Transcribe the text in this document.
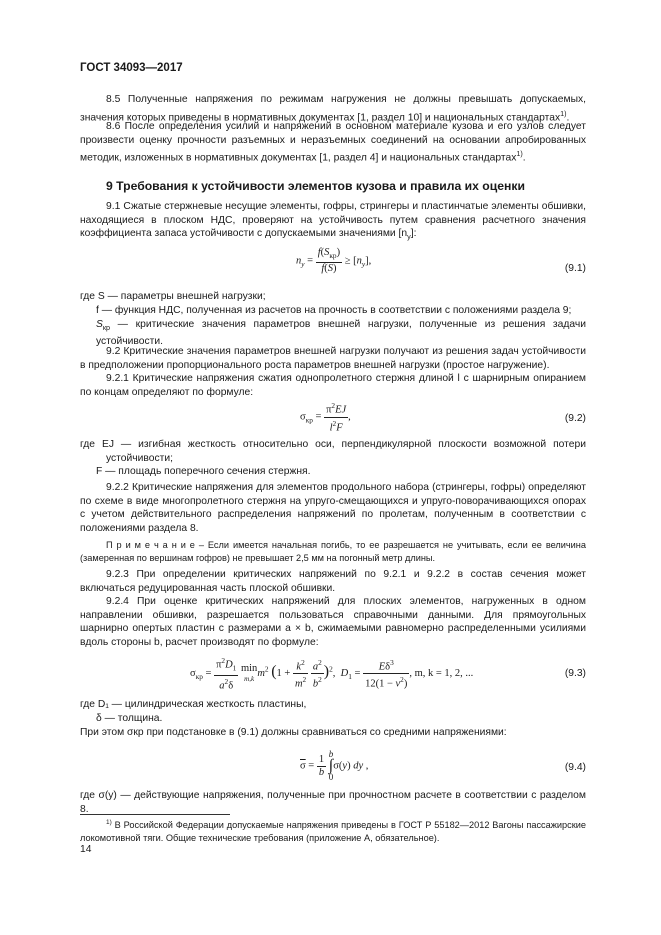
ГОСТ 34093—2017
8.5 Полученные напряжения по режимам нагружения не должны превышать допускаемых, значения которых приведены в нормативных документах [1, раздел 10] и национальных стандартах$^{1)}$.
8.6 После определения усилий и напряжений в основном материале кузова и его узлов следует произвести оценку прочности разъемных и неразъемных соединений на основании апробированных методик, изложенных в нормативных документах [1, раздел 4] и национальных стандартах$^{1)}$.
9 Требования к устойчивости элементов кузова и правила их оценки
9.1 Сжатые стержневые несущие элементы, гофры, стрингеры и пластинчатые элементы обшивки, находящиеся в плоском НДС, проверяют на устойчивость путем сравнения расчетного значения коэффициента запаса устойчивости с допускаемыми значениями $[n_y]$:
$n_y = \frac{f(S_{кр})}{f(S)} \ge [n_y]$,
(9.1)
где S — параметры внешней нагрузки;
f — функция НДС, полученная из расчетов на прочность в соответствии с положениями раздела 9;
$S_{кр}$ — критические значения параметров внешней нагрузки, полученные из решения задачи устойчивости.
9.2 Критические значения параметров внешней нагрузки получают из решения задач устойчивости в предположении пропорционального роста параметров внешней нагрузки (простое нагружение).
9.2.1 Критические напряжения сжатия однопролетного стержня длиной l с шарнирным опиранием по концам определяют по формуле:
$\sigma_{кр} = \frac{\pi^2EJ}{l^2F}$ ,	(9.2)
где EJ — изгибная жесткость относительно оси, перпендикулярной плоскости возможной потери устойчивости;
F — площадь поперечного сечения стержня.
9.2.2 Критические напряжения для элементов продольного набора (стрингеры, гофры) определяют по схеме в виде многопролетного стержня на упруго-смещающихся и упруго-поворачивающихся опорах с учетом действительного распределения напряжений по пролетам, полученным в соответствии с положениями раздела 8.
П р и м е ч а н и е – Если имеется начальная погибь, то ее разрешается не учитывать, если ее величина (замеренная по вершинам гофров) не превышает 2,5 мм на погонный метр длины.
9.2.3 При определении критических напряжений по 9.2.1 и 9.2.2 в состав сечения может включаться редуцированная часть плоской обшивки.
9.2.4 При оценке критических напряжений для плоских элементов, нагруженных в одном направлении обшивки, разрешается пользоваться справочными данными. Для прямоугольных шарнирно опертых пластин с размерами a × b, сжимаемыми равномерно распределенными усилиями вдоль стороны b, расчет производят по формуле:
$\sigma_{кр} = \frac{\pi^2D_1}{a^2\delta}$ min
m,k $m^2$ ($1 + \frac{k^2}{m^2}$
$\frac{a^2}{b^2} )^2$,  $D_1 = \frac{E\delta^3}{12(1 - v^2)}$ , m, k = 1, 2, ...	(9.3)
где D₁ — цилиндрическая жесткость пластины,
δ — толщина.
При этом σкр при подстановке в (9.1) должны сравниваться со средними напряжениями:
$\overline{\sigma} = \frac{1}{b}$ b
∫
0σ(y) dy ,	(9.4)
где σ(y) — действующие напряжения, полученные при прочностном расчете в соответствии с разделом 8.
$^{1)}$ В Российской Федерации допускаемые напряжения приведены в ГОСТ Р 55182—2012 Вагоны пассажирские локомотивной тяги. Общие технические требования (приложение А, обязательное).
14
